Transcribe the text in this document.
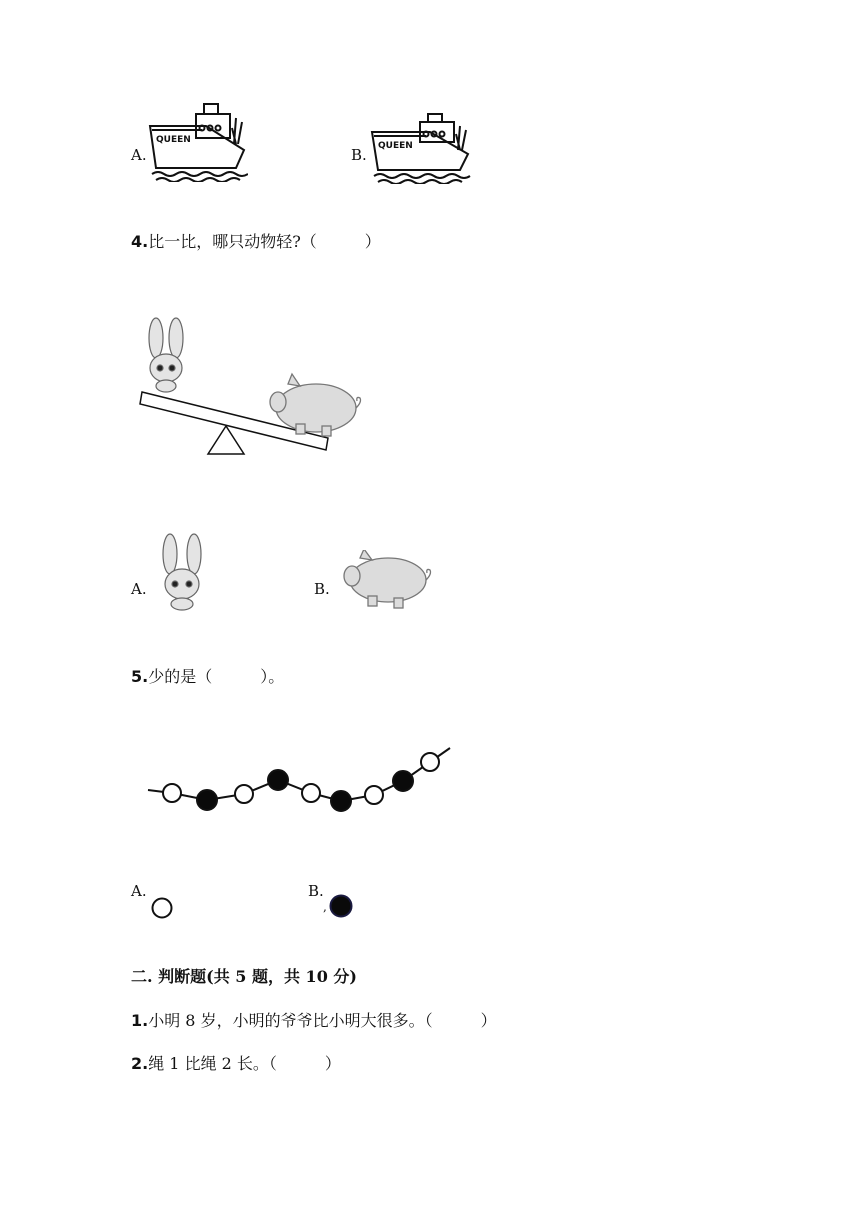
A.
QUEEN
B. QUEEN
4.比一比，哪只动物轻?（　　　）
A.	B.
5.少的是（　　　）。
A.	B.
,
二. 判断题(共 5 题，共 10 分)
1.小明 8 岁，小明的爷爷比小明大很多。（　　　）
2.绳 1 比绳 2 长。（　　　）
